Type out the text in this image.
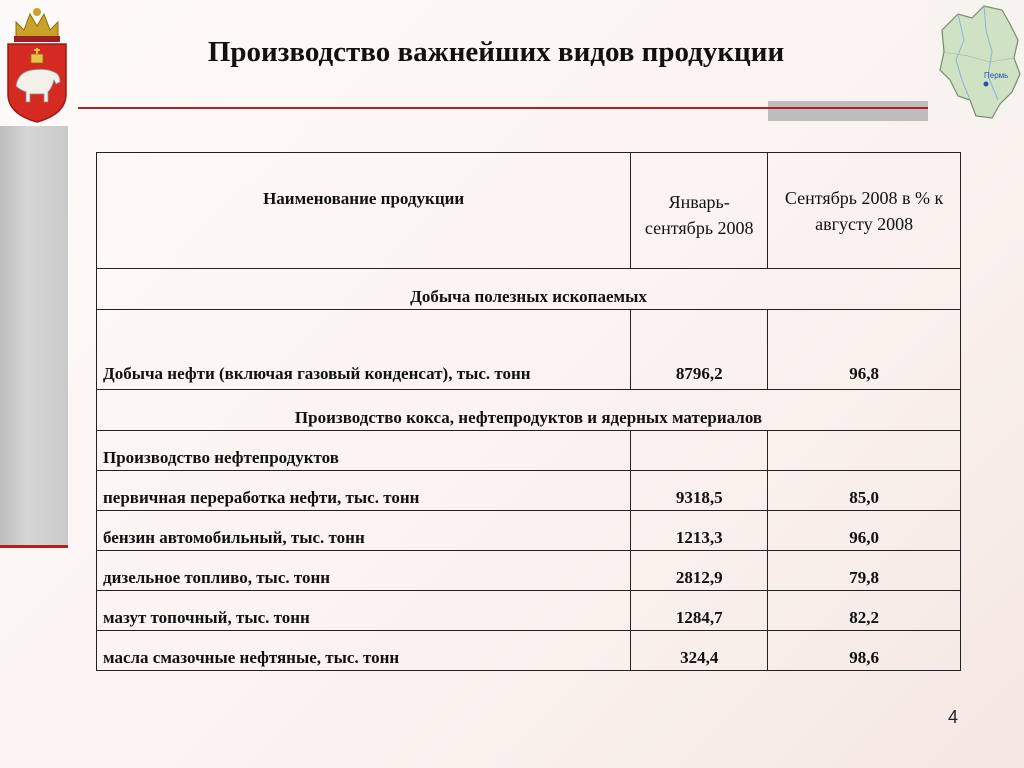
Производство важнейших видов продукции
Пермь
Наименование продукции	Январь-сентябрь 2008	Сентябрь 2008 в % к августу 2008
Добыча полезных ископаемых		
Добыча нефти (включая газовый конденсат), тыс. тонн	8796,2	96,8
Производство кокса, нефтепродуктов и ядерных материалов		
Производство нефтепродуктов		
первичная переработка нефти, тыс. тонн	9318,5	85,0
бензин автомобильный, тыс. тонн	1213,3	96,0
дизельное топливо, тыс. тонн	2812,9	79,8
мазут топочный, тыс. тонн	1284,7	82,2
масла смазочные нефтяные, тыс. тонн	324,4	98,6
4
